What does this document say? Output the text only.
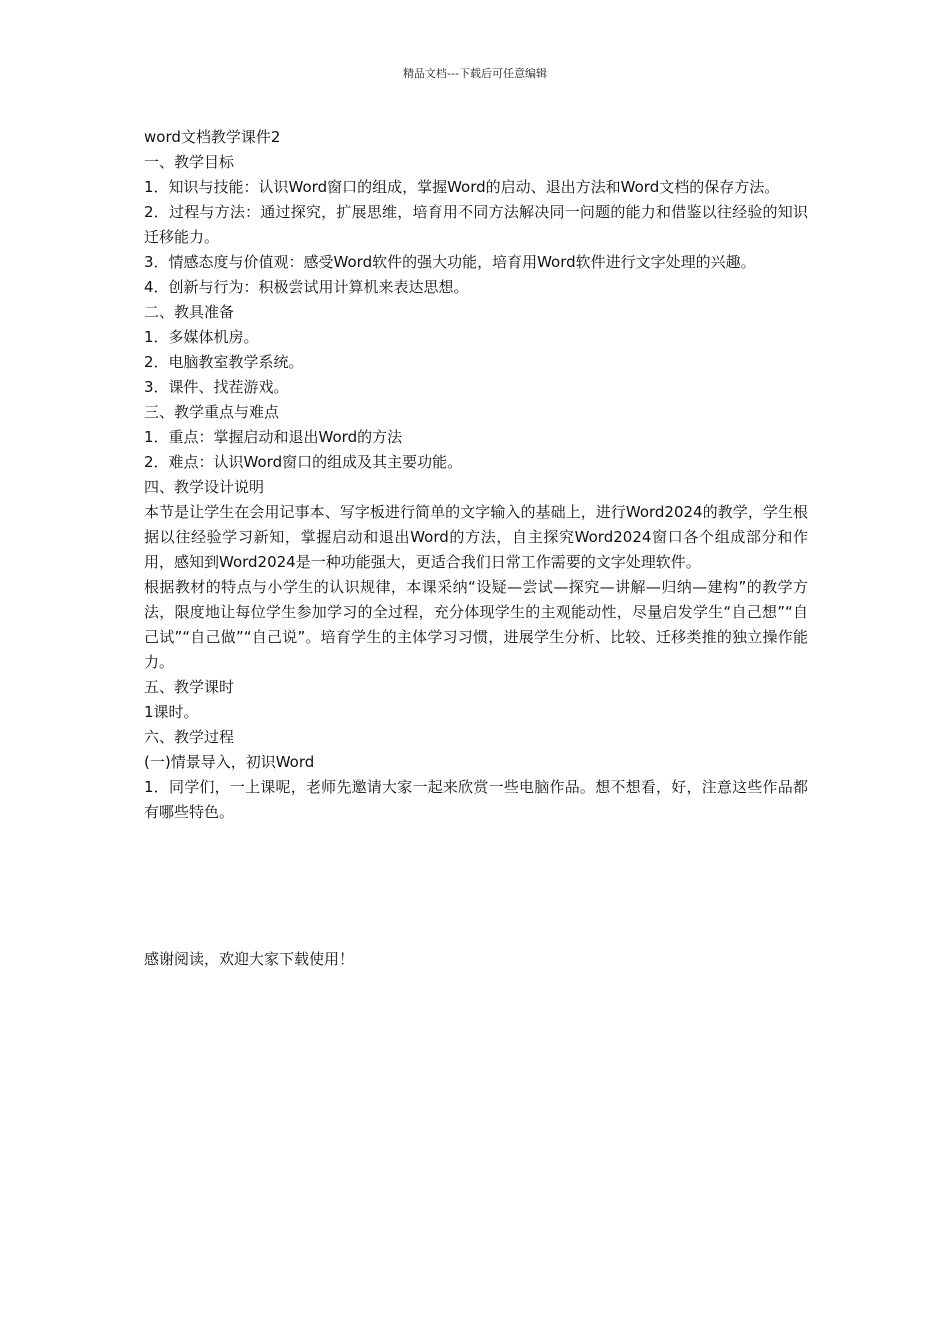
精品文档---下载后可任意编辑

word文档教学课件2

一、教学目标

1．知识与技能：认识Word窗口的组成，掌握Word的启动、退出方法和Word文档的保存方法。

2．过程与方法：通过探究，扩展思维，培育用不同方法解决同一问题的能力和借鉴以往经验的知识迁移能力。

3．情感态度与价值观：感受Word软件的强大功能，培育用Word软件进行文字处理的兴趣。

4．创新与行为：积极尝试用计算机来表达思想。

二、教具准备

1．多媒体机房。

2．电脑教室教学系统。

3．课件、找茬游戏。

三、教学重点与难点

1．重点：掌握启动和退出Word的方法

2．难点：认识Word窗口的组成及其主要功能。

四、教学设计说明

本节是让学生在会用记事本、写字板进行简单的文字输入的基础上，进行Word2024的教学，学生根据以往经验学习新知，掌握启动和退出Word的方法，自主探究Word2024窗口各个组成部分和作用，感知到Word2024是一种功能强大，更适合我们日常工作需要的文字处理软件。

根据教材的特点与小学生的认识规律，本课采纳“设疑—尝试—探究—讲解—归纳—建构”的教学方法，限度地让每位学生参加学习的全过程，充分体现学生的主观能动性，尽量启发学生“自己想”“自己试”“自己做”“自己说”。培育学生的主体学习习惯，进展学生分析、比较、迁移类推的独立操作能力。

五、教学课时

1课时。

六、教学过程

(一)情景导入，初识Word

1．同学们，一上课呢，老师先邀请大家一起来欣赏一些电脑作品。想不想看，好，注意这些作品都有哪些特色。

感谢阅读，欢迎大家下载使用！
